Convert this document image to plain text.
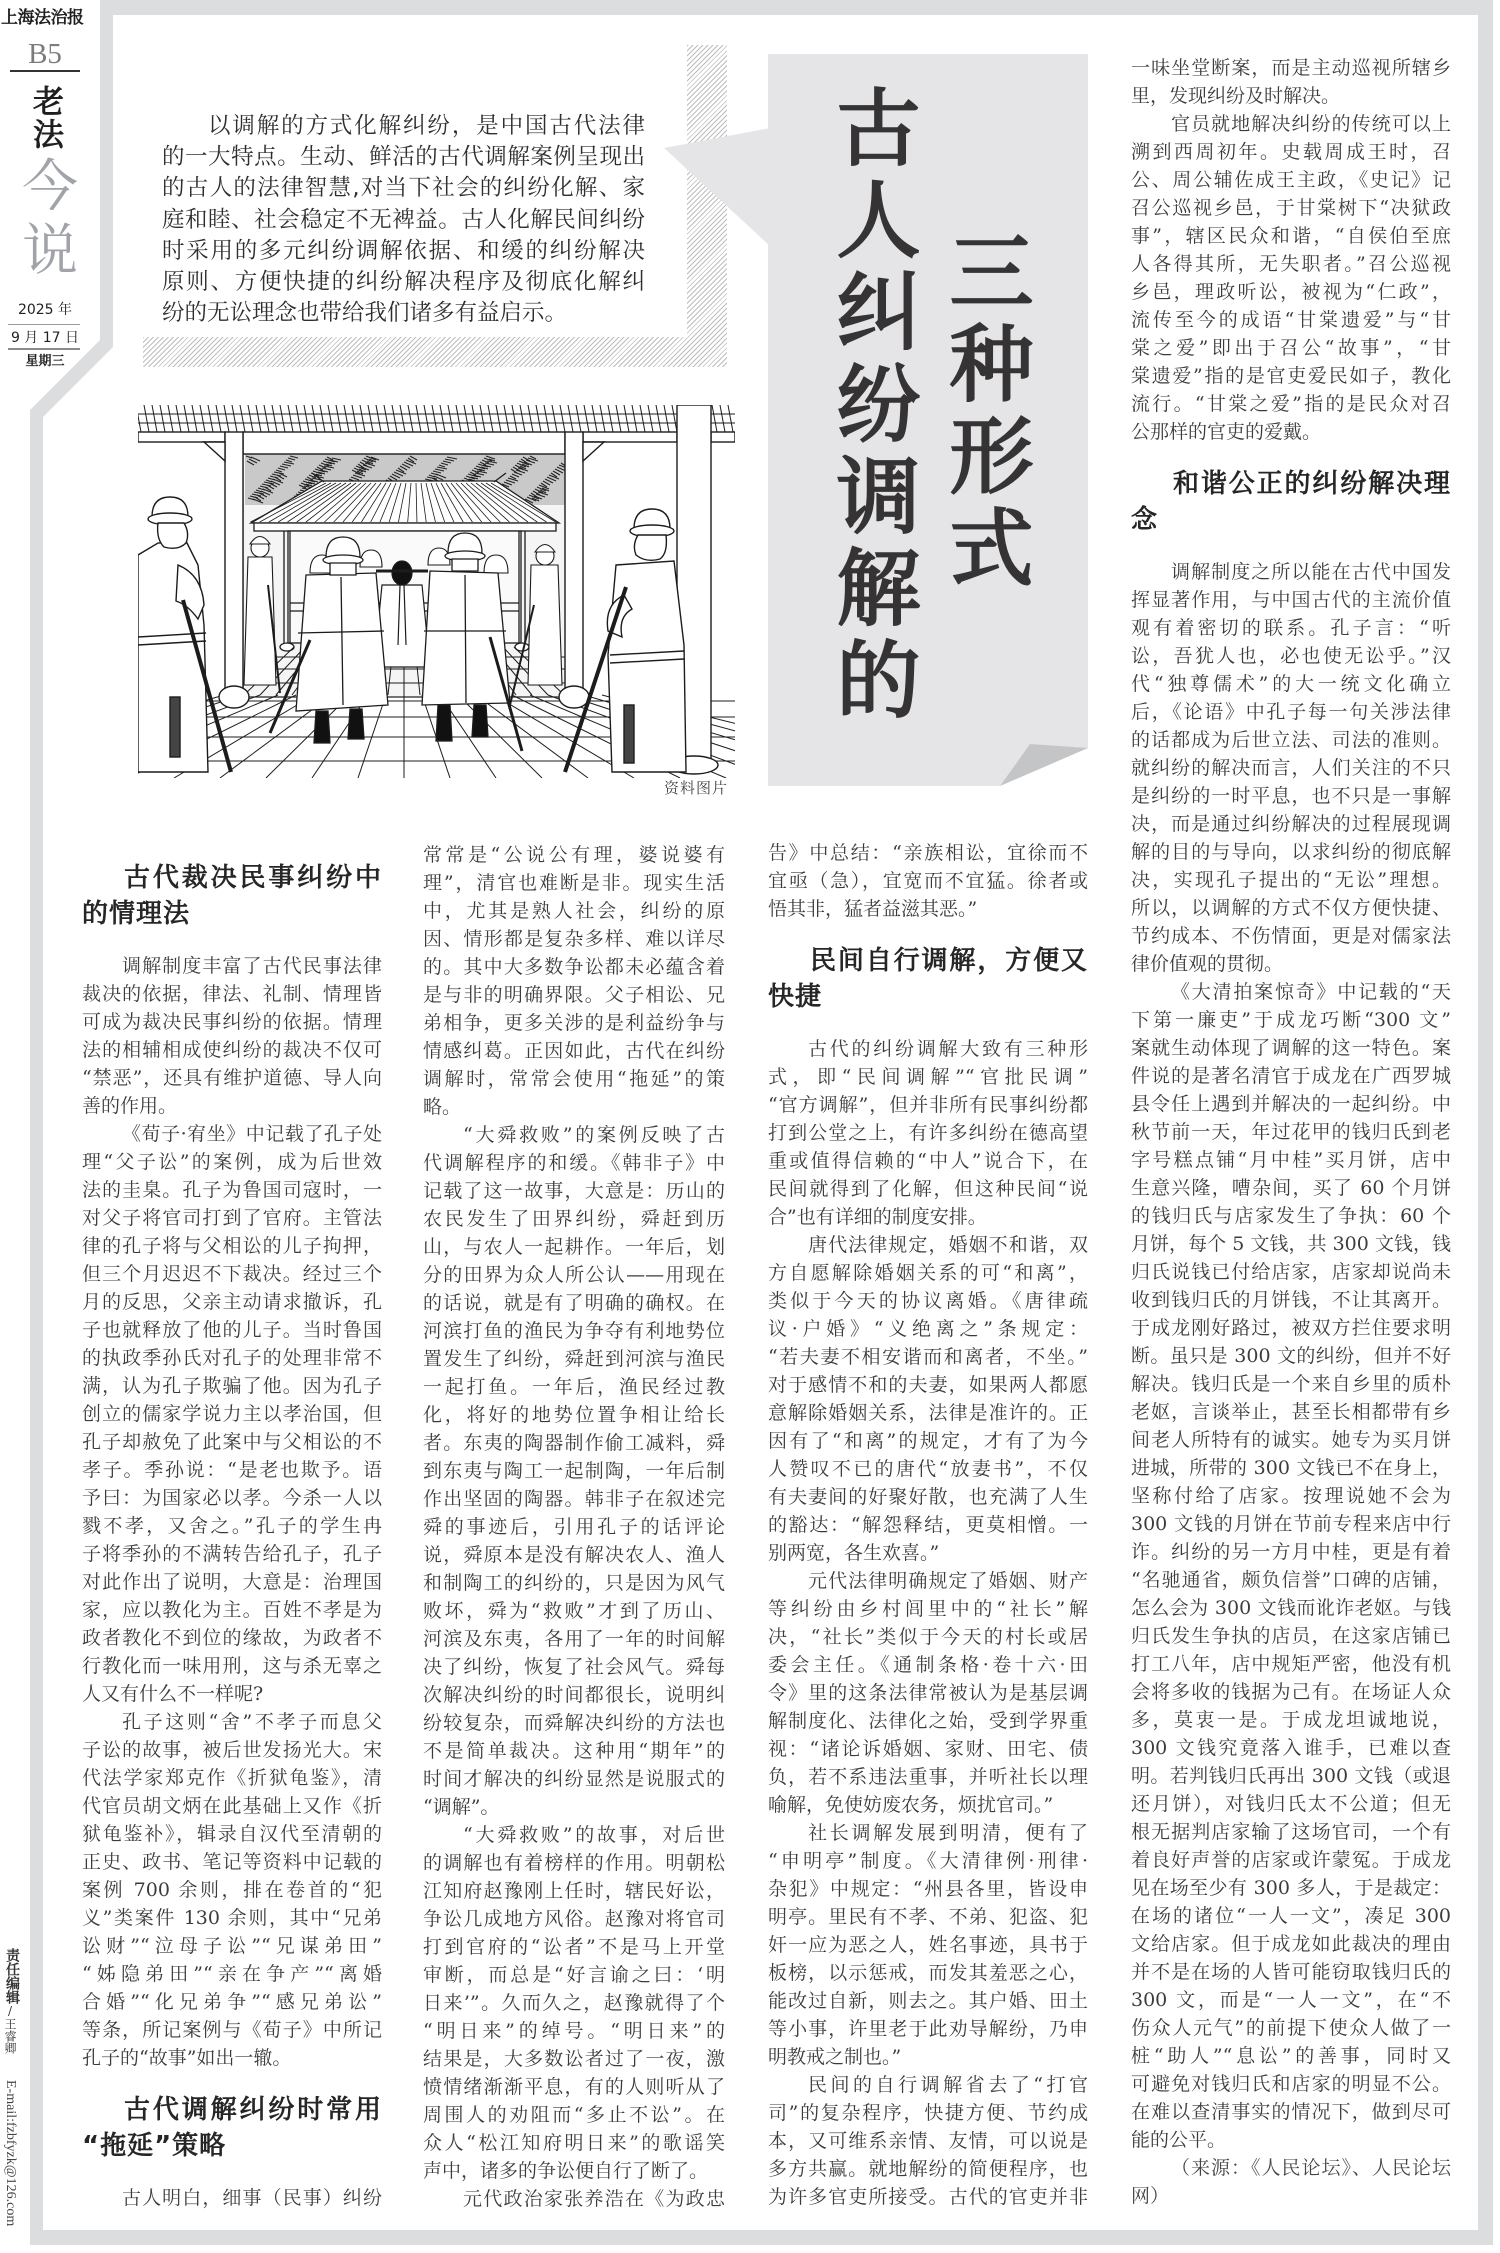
上海法治报
B5
老法
今说
2025 年
9 月 17 日
星期三
责任编辑
/王睿卿
E-mail:fzbfyzk@126.com
以调解的方式化解纠纷，是中国古代法律
的一大特点。生动、鲜活的古代调解案例呈现出
的古人的法律智慧,对当下社会的纠纷化解、家
庭和睦、社会稳定不无裨益。古人化解民间纠纷
时采用的多元纠纷调解依据、和缓的纠纷解决
原则、方便快捷的纠纷解决程序及彻底化解纠
纷的无讼理念也带给我们诸多有益启示。	古人纠纷调解的 三种形式
资料图片
古代裁决民事纠纷中
的情理法
调解制度丰富了古代民事法律
裁决的依据，律法、礼制、情理皆
可成为裁决民事纠纷的依据。情理
法的相辅相成使纠纷的裁决不仅可
“禁恶”，还具有维护道德、导人向
善的作用。
《荀子·宥坐》中记载了孔子处
理“父子讼”的案例，成为后世效
法的圭臬。孔子为鲁国司寇时，一
对父子将官司打到了官府。主管法
律的孔子将与父相讼的儿子拘押，
但三个月迟迟不下裁决。经过三个
月的反思，父亲主动请求撤诉，孔
子也就释放了他的儿子。当时鲁国
的执政季孙氏对孔子的处理非常不
满，认为孔子欺骗了他。因为孔子
创立的儒家学说力主以孝治国，但
孔子却赦免了此案中与父相讼的不
孝子。季孙说：“是老也欺予。语
予曰：为国家必以孝。今杀一人以
戮不孝，又舍之。”孔子的学生冉
子将季孙的不满转告给孔子，孔子
对此作出了说明，大意是：治理国
家，应以教化为主。百姓不孝是为
政者教化不到位的缘故，为政者不
行教化而一味用刑，这与杀无辜之
人又有什么不一样呢?
孔子这则“舍”不孝子而息父
子讼的故事，被后世发扬光大。宋
代法学家郑克作《折狱龟鉴》，清
代官员胡文炳在此基础上又作《折
狱龟鉴补》，辑录自汉代至清朝的
正史、政书、笔记等资料中记载的
案例 700 余则，排在卷首的“犯
义”类案件 130 余则，其中“兄弟
讼财”“泣母子讼”“兄谋弟田”
“姊隐弟田”“亲在争产”“离婚
合婚”“化兄弟争”“感兄弟讼”
等条，所记案例与《荀子》中所记
孔子的“故事”如出一辙。
古代调解纠纷时常用
“拖延”策略
古人明白，细事（民事）纠纷
常常是“公说公有理，婆说婆有
理”，清官也难断是非。现实生活
中，尤其是熟人社会，纠纷的原
因、情形都是复杂多样、难以详尽
的。其中大多数争讼都未必蕴含着
是与非的明确界限。父子相讼、兄
弟相争，更多关涉的是利益纷争与
情感纠葛。正因如此，古代在纠纷
调解时，常常会使用“拖延”的策
略。
“大舜救败”的案例反映了古
代调解程序的和缓。《韩非子》中
记载了这一故事，大意是：历山的
农民发生了田界纠纷，舜赶到历
山，与农人一起耕作。一年后，划
分的田界为众人所公认——用现在
的话说，就是有了明确的确权。在
河滨打鱼的渔民为争夺有利地势位
置发生了纠纷，舜赶到河滨与渔民
一起打鱼。一年后，渔民经过教
化，将好的地势位置争相让给长
者。东夷的陶器制作偷工减料，舜
到东夷与陶工一起制陶，一年后制
作出坚固的陶器。韩非子在叙述完
舜的事迹后，引用孔子的话评论
说，舜原本是没有解决农人、渔人
和制陶工的纠纷的，只是因为风气
败坏，舜为“救败”才到了历山、
河滨及东夷，各用了一年的时间解
决了纠纷，恢复了社会风气。舜每
次解决纠纷的时间都很长，说明纠
纷较复杂，而舜解决纠纷的方法也
不是简单裁决。这种用“期年”的
时间才解决的纠纷显然是说服式的
“调解”。
“大舜救败”的故事，对后世
的调解也有着榜样的作用。明朝松
江知府赵豫刚上任时，辖民好讼，
争讼几成地方风俗。赵豫对将官司
打到官府的“讼者”不是马上开堂
审断，而总是“好言谕之曰：‘明
日来’”。久而久之，赵豫就得了个
“明日来”的绰号。“明日来”的
结果是，大多数讼者过了一夜，激
愤情绪渐渐平息，有的人则听从了
周围人的劝阻而“多止不讼”。在
众人“松江知府明日来”的歌谣笑
声中，诸多的争讼便自行了断了。
元代政治家张养浩在《为政忠
告》中总结：“亲族相讼，宜徐而不
宜亟（急），宜宽而不宜猛。徐者或
悟其非，猛者益滋其恶。”
民间自行调解，方便又
快捷
古代的纠纷调解大致有三种形
式，即“民间调解”“官批民调”
“官方调解”，但并非所有民事纠纷都
打到公堂之上，有许多纠纷在德高望
重或值得信赖的“中人”说合下，在
民间就得到了化解，但这种民间“说
合”也有详细的制度安排。
唐代法律规定，婚姻不和谐，双
方自愿解除婚姻关系的可“和离”，
类似于今天的协议离婚。《唐律疏
议·户婚》“义绝离之”条规定：
“若夫妻不相安谐而和离者，不坐。”
对于感情不和的夫妻，如果两人都愿
意解除婚姻关系，法律是准许的。正
因有了“和离”的规定，才有了为今
人赞叹不已的唐代“放妻书”，不仅
有夫妻间的好聚好散，也充满了人生
的豁达：“解怨释结，更莫相憎。一
别两宽，各生欢喜。”
元代法律明确规定了婚姻、财产
等纠纷由乡村闾里中的“社长”解
决，“社长”类似于今天的村长或居
委会主任。《通制条格·卷十六·田
令》里的这条法律常被认为是基层调
解制度化、法律化之始，受到学界重
视：“诸论诉婚姻、家财、田宅、债
负，若不系违法重事，并听社长以理
喻解，免使妨废农务，烦扰官司。”
社长调解发展到明清，便有了
“申明亭”制度。《大清律例·刑律·
杂犯》中规定：“州县各里，皆设申
明亭。里民有不孝、不弟、犯盗、犯
奸一应为恶之人，姓名事迹，具书于
板榜，以示惩戒，而发其羞恶之心，
能改过自新，则去之。其户婚、田土
等小事，许里老于此劝导解纷，乃申
明教戒之制也。”
民间的自行调解省去了“打官
司”的复杂程序，快捷方便、节约成
本，又可维系亲情、友情，可以说是
多方共赢。就地解纷的简便程序，也
为许多官吏所接受。古代的官吏并非
一味坐堂断案，而是主动巡视所辖乡
里，发现纠纷及时解决。
官员就地解决纠纷的传统可以上
溯到西周初年。史载周成王时，召
公、周公辅佐成王主政，《史记》记
召公巡视乡邑，于甘棠树下“决狱政
事”，辖区民众和谐，“自侯伯至庶
人各得其所，无失职者。”召公巡视
乡邑，理政听讼，被视为“仁政”，
流传至今的成语“甘棠遗爱”与“甘
棠之爱”即出于召公“故事”，“甘
棠遗爱”指的是官吏爱民如子，教化
流行。“甘棠之爱”指的是民众对召
公那样的官吏的爱戴。
和谐公正的纠纷解决理
念
调解制度之所以能在古代中国发
挥显著作用，与中国古代的主流价值
观有着密切的联系。孔子言：“听
讼，吾犹人也，必也使无讼乎。”汉
代“独尊儒术”的大一统文化确立
后，《论语》中孔子每一句关涉法律
的话都成为后世立法、司法的准则。
就纠纷的解决而言，人们关注的不只
是纠纷的一时平息，也不只是一事解
决，而是通过纠纷解决的过程展现调
解的目的与导向，以求纠纷的彻底解
决，实现孔子提出的“无讼”理想。
所以，以调解的方式不仅方便快捷、
节约成本、不伤情面，更是对儒家法
律价值观的贯彻。
《大清拍案惊奇》中记载的“天
下第一廉吏”于成龙巧断“300 文”
案就生动体现了调解的这一特色。案
件说的是著名清官于成龙在广西罗城
县令任上遇到并解决的一起纠纷。中
秋节前一天，年过花甲的钱归氏到老
字号糕点铺“月中桂”买月饼，店中
生意兴隆，嘈杂间，买了 60 个月饼
的钱归氏与店家发生了争执：60 个
月饼，每个 5 文钱，共 300 文钱，钱
归氏说钱已付给店家，店家却说尚未
收到钱归氏的月饼钱，不让其离开。
于成龙刚好路过，被双方拦住要求明
断。虽只是 300 文的纠纷，但并不好
解决。钱归氏是一个来自乡里的质朴
老妪，言谈举止，甚至长相都带有乡
间老人所特有的诚实。她专为买月饼
进城，所带的 300 文钱已不在身上，
坚称付给了店家。按理说她不会为
300 文钱的月饼在节前专程来店中行
诈。纠纷的另一方月中桂，更是有着
“名驰通省，颇负信誉”口碑的店铺，
怎么会为 300 文钱而讹诈老妪。与钱
归氏发生争执的店员，在这家店铺已
打工八年，店中规矩严密，他没有机
会将多收的钱据为己有。在场证人众
多，莫衷一是。于成龙坦诚地说，
300 文钱究竟落入谁手，已难以查
明。若判钱归氏再出 300 文钱（或退
还月饼），对钱归氏太不公道；但无
根无据判店家输了这场官司，一个有
着良好声誉的店家或许蒙冤。于成龙
见在场至少有 300 多人，于是裁定：
在场的诸位“一人一文”，凑足 300
文给店家。但于成龙如此裁决的理由
并不是在场的人皆可能窃取钱归氏的
300 文，而是“一人一文”，在“不
伤众人元气”的前提下使众人做了一
桩“助人”“息讼”的善事，同时又
可避免对钱归氏和店家的明显不公。
在难以查清事实的情况下，做到尽可
能的公平。
（来源：《人民论坛》、人民论坛
网）
